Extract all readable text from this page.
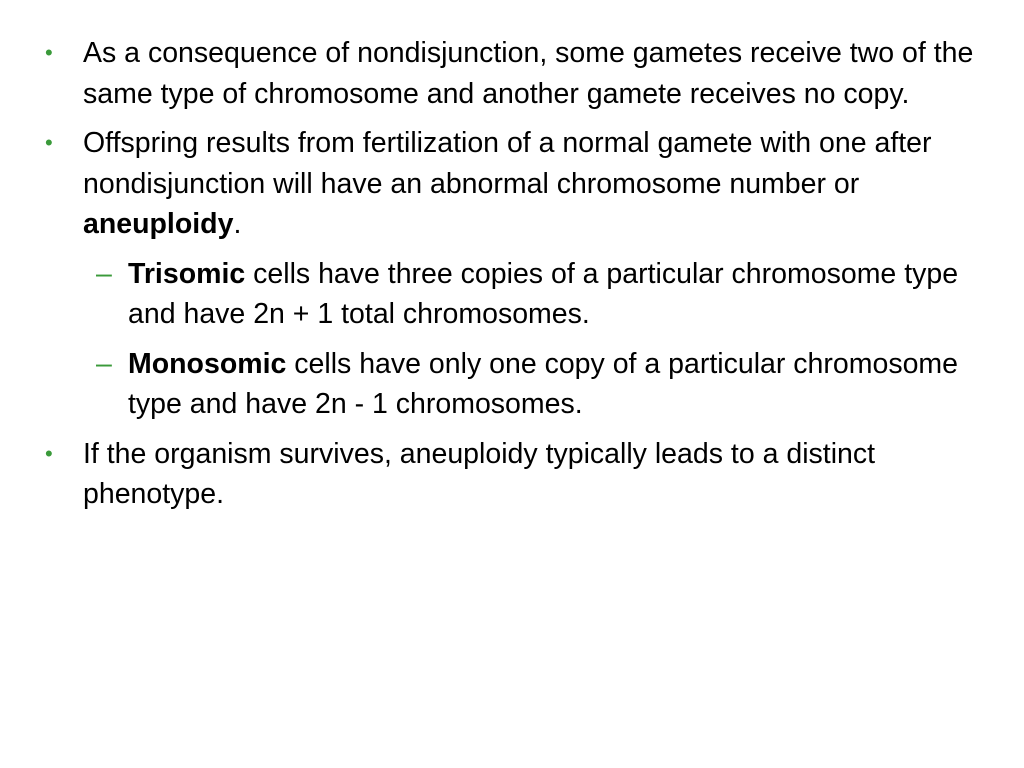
• As a consequence of nondisjunction, some gametes receive two of the same type of chromosome and another gamete receives no copy.
• Offspring results from fertilization of a normal gamete with one after nondisjunction will have an abnormal chromosome number or aneuploidy.
– Trisomic cells have three copies of a particular chromosome type and have 2n + 1 total chromosomes.
– Monosomic cells have only one copy of a particular chromosome type and have 2n - 1 chromosomes.
• If the organism survives, aneuploidy typically leads to a distinct phenotype.
